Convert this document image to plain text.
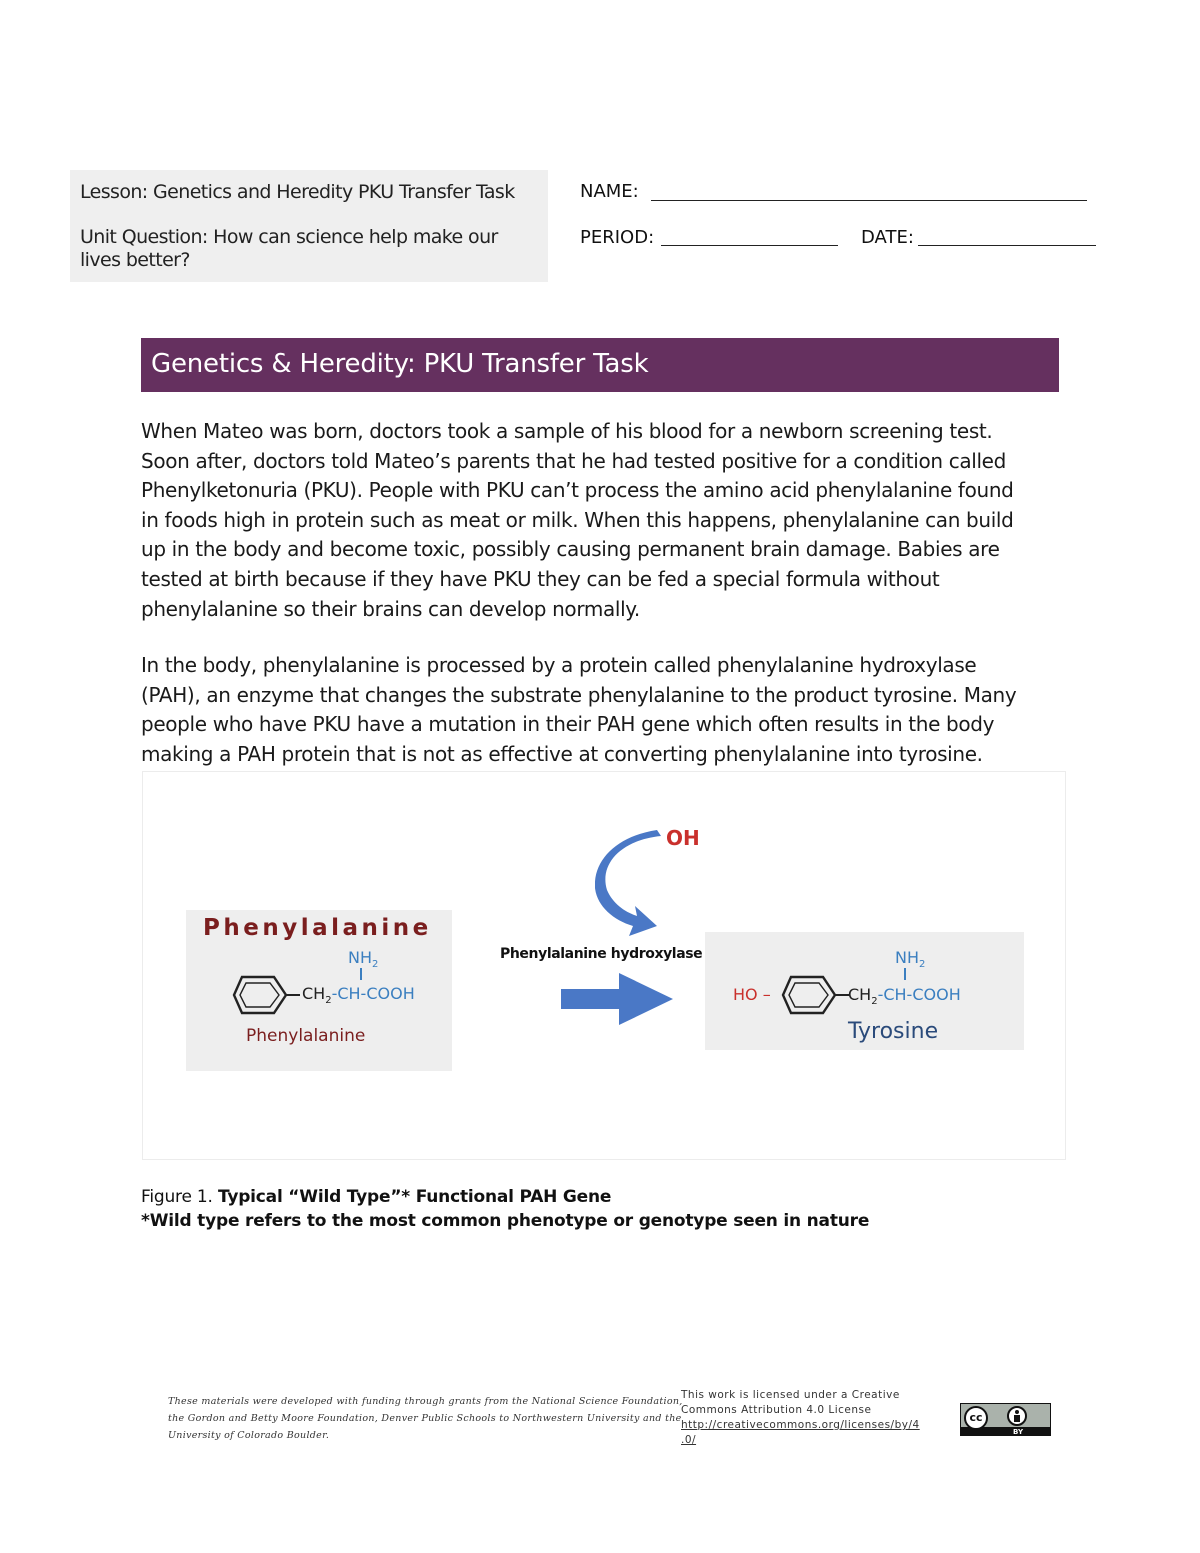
Lesson: Genetics and Heredity PKU Transfer Task
Unit Question: How can science help make our
lives better?
NAME:
PERIOD:	DATE:
Genetics & Heredity: PKU Transfer Task
When Mateo was born, doctors took a sample of his blood for a newborn screening test.
Soon after, doctors told Mateo’s parents that he had tested positive for a condition called
Phenylketonuria (PKU). People with PKU can’t process the amino acid phenylalanine found
in foods high in protein such as meat or milk. When this happens, phenylalanine can build
up in the body and become toxic, possibly causing permanent brain damage. Babies are
tested at birth because if they have PKU they can be fed a special formula without
phenylalanine so their brains can develop normally.
In the body, phenylalanine is processed by a protein called phenylalanine hydroxylase
(PAH), an enzyme that changes the substrate phenylalanine to the product tyrosine. Many
people who have PKU have a mutation in their PAH gene which often results in the body
making a PAH protein that is not as effective at converting phenylalanine into tyrosine.
Phenylalanine
$NH_2$
$CH_2-CH$-COOH
Phenylalanine
OH
Phenylalanine hydroxylase	$NH_2$
HO –	$CH_2-CH$-COOH
Tyrosine
Figure 1. Typical “Wild Type”* Functional PAH Gene
*Wild type refers to the most common phenotype or genotype seen in nature
These materials were developed with funding through grants from the National Science Foundation,
the Gordon and Betty Moore Foundation, Denver Public Schools to Northwestern University and the
University of Colorado Boulder.
This work is licensed under a Creative
Commons Attribution 4.0 License
http://creativecommons.org/licenses/by/4
.0/
cc
BY
